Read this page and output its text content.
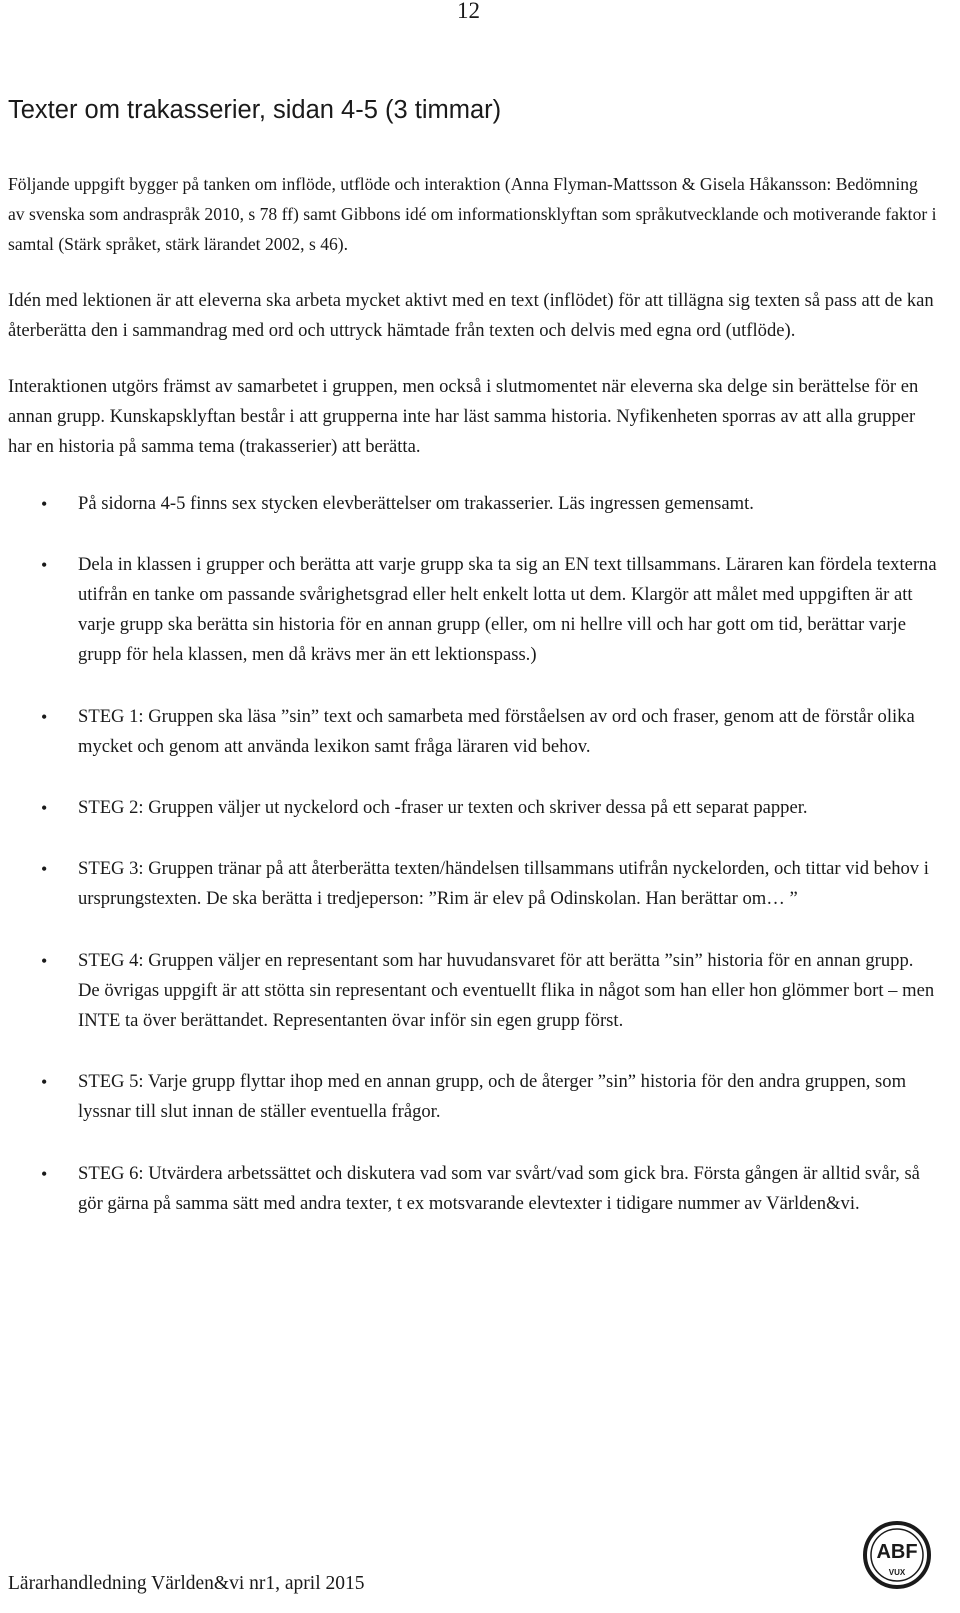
12
Texter om trakasserier, sidan 4-5 (3 timmar)

Följande uppgift bygger på tanken om inflöde, utflöde och interaktion (Anna Flyman-Mattsson & Gisela Håkansson: Bedömning av svenska som andraspråk 2010, s 78 ff) samt Gibbons idé om informationsklyftan som språkutvecklande och motiverande faktor i samtal (Stärk språket, stärk lärandet 2002, s 46).

Idén med lektionen är att eleverna ska arbeta mycket aktivt med en text (inflödet) för att tillägna sig texten så pass att de kan återberätta den i sammandrag med ord och uttryck hämtade från texten och delvis med egna ord (utflöde).

Interaktionen utgörs främst av samarbetet i gruppen, men också i slutmomentet när eleverna ska delge sin berättelse för en annan grupp. Kunskapsklyftan består i att grupperna inte har läst samma historia. Nyfikenheten sporras av att alla grupper har en historia på samma tema (trakasserier) att berätta.

• På sidorna 4-5 finns sex stycken elevberättelser om trakasserier. Läs ingressen gemensamt.
• Dela in klassen i grupper och berätta att varje grupp ska ta sig an EN text tillsammans. Läraren kan fördela texterna utifrån en tanke om passande svårighetsgrad eller helt enkelt lotta ut dem. Klargör att målet med uppgiften är att varje grupp ska berätta sin historia för en annan grupp (eller, om ni hellre vill och har gott om tid, berättar varje grupp för hela klassen, men då krävs mer än ett lektionspass.)
• STEG 1: Gruppen ska läsa ”sin” text och samarbeta med förståelsen av ord och fraser, genom att de förstår olika mycket och genom att använda lexikon samt fråga läraren vid behov.
• STEG 2: Gruppen väljer ut nyckelord och -fraser ur texten och skriver dessa på ett separat papper.
• STEG 3: Gruppen tränar på att återberätta texten/händelsen tillsammans utifrån nyckelorden, och tittar vid behov i ursprungstexten. De ska berätta i tredjeperson: ”Rim är elev på Odinskolan. Han berättar om… ”
• STEG 4: Gruppen väljer en representant som har huvudansvaret för att berätta ”sin” historia för en annan grupp. De övrigas uppgift är att stötta sin representant och eventuellt flika in något som han eller hon glömmer bort – men INTE ta över berättandet. Representanten övar inför sin egen grupp först.
• STEG 5: Varje grupp flyttar ihop med en annan grupp, och de återger ”sin” historia för den andra gruppen, som lyssnar till slut innan de ställer eventuella frågor.
• STEG 6: Utvärdera arbetssättet och diskutera vad som var svårt/vad som gick bra. Första gången är alltid svår, så gör gärna på samma sätt med andra texter, t ex motsvarande elevtexter i tidigare nummer av Världen&vi.
Lärarhandledning Världen&vi nr1, april 2015
ABF
VUX
